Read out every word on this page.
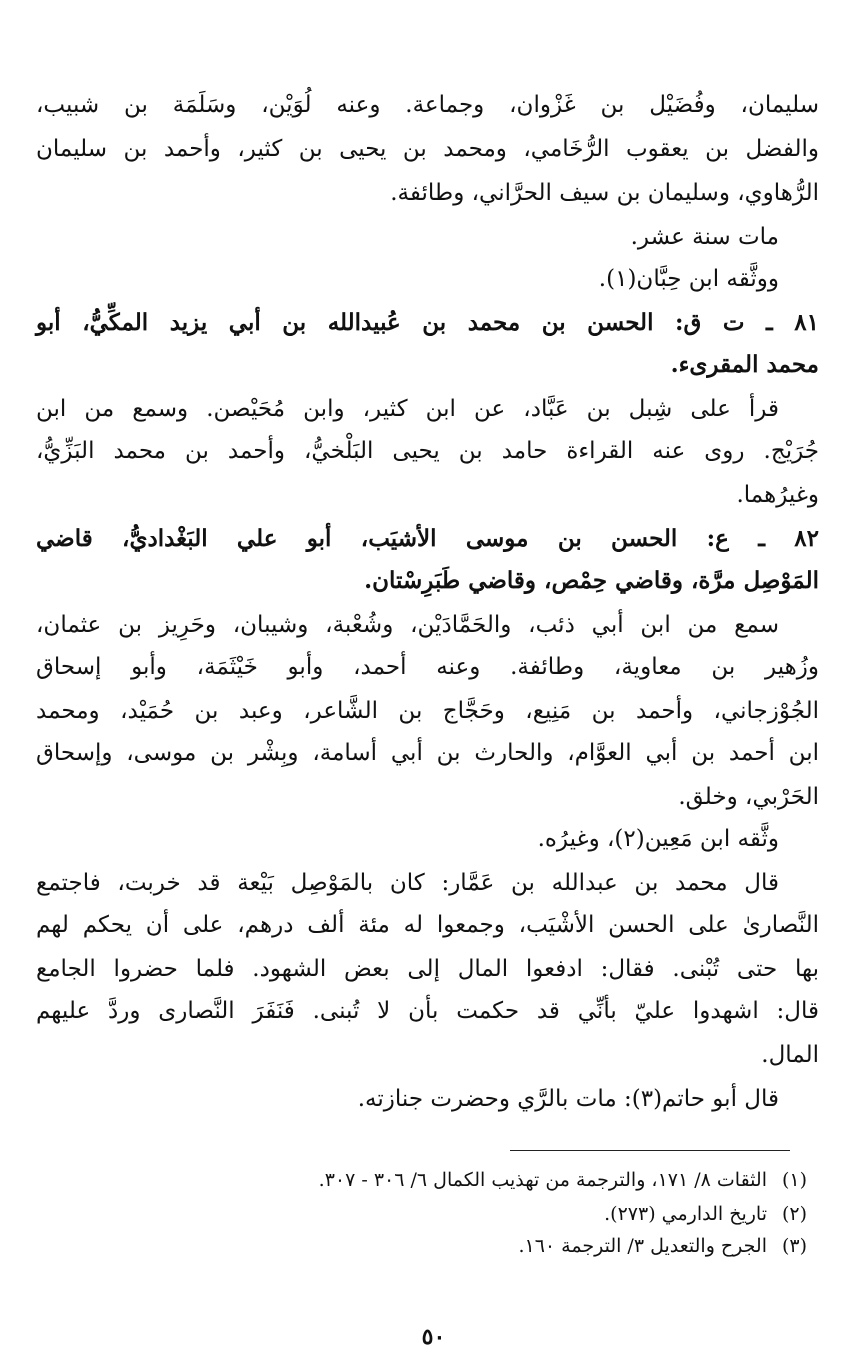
سليمان، وفُضَيْل بن غَزْوان، وجماعة. وعنه لُوَيْن، وسَلَمَة بن شبيب،
والفضل بن يعقوب الرُّخَامي، ومحمد بن يحيى بن كثير، وأحمد بن سليمان
الرُّهاوي، وسليمان بن سيف الحرَّاني، وطائفة.
مات سنة عشر.
ووثَّقه ابن حِبَّان(١).
٨١ ـ ت ق: الحسن بن محمد بن عُبيدالله بن أبي يزيد المكِّيُّ، أبو
محمد المقرىء.
قرأ على شِبل بن عَبَّاد، عن ابن كثير، وابن مُحَيْصن. وسمع من ابن
جُرَيْج. روى عنه القراءة حامد بن يحيى البَلْخيُّ، وأحمد بن محمد البَزِّيُّ،
وغيرُهما.
٨٢ ـ ع: الحسن بن موسى الأشيَب، أبو علي البَغْداديُّ، قاضي
المَوْصِل مرَّة، وقاضي حِمْص، وقاضي طَبَرِسْتان.
سمع من ابن أبي ذئب، والحَمَّادَيْن، وشُعْبة، وشيبان، وحَرِيز بن عثمان،
وزُهير بن معاوية، وطائفة. وعنه أحمد، وأبو خَيْثَمَة، وأبو إسحاق
الجُوْزجاني، وأحمد بن مَنِيع، وحَجَّاج بن الشَّاعر، وعبد بن حُمَيْد، ومحمد
ابن أحمد بن أبي العوَّام، والحارث بن أبي أسامة، وبِشْر بن موسى، وإسحاق
الحَرْبي، وخلق.
وثَّقه ابن مَعِين(٢)، وغيرُه.
قال محمد بن عبدالله بن عَمَّار: كان بالمَوْصِل بَيْعة قد خربت، فاجتمع
النَّصارىٰ على الحسن الأشْيَب، وجمعوا له مئة ألف درهم، على أن يحكم لهم
بها حتى تُبْنى. فقال: ادفعوا المال إلى بعض الشهود. فلما حضروا الجامع
قال: اشهدوا عليّ بأنِّي قد حكمت بأن لا تُبنى. فَنَفَرَ النَّصارى وردَّ عليهم
المال.
قال أبو حاتم(٣): مات بالرَّي وحضرت جنازته.
(١)الثقات ٨/ ١٧١، والترجمة من تهذيب الكمال ٦/ ٣٠٦ - ٣٠٧.
(٢)تاريخ الدارمي (٢٧٣).
(٣)الجرح والتعديل ٣/ الترجمة ١٦٠.
٥٠
